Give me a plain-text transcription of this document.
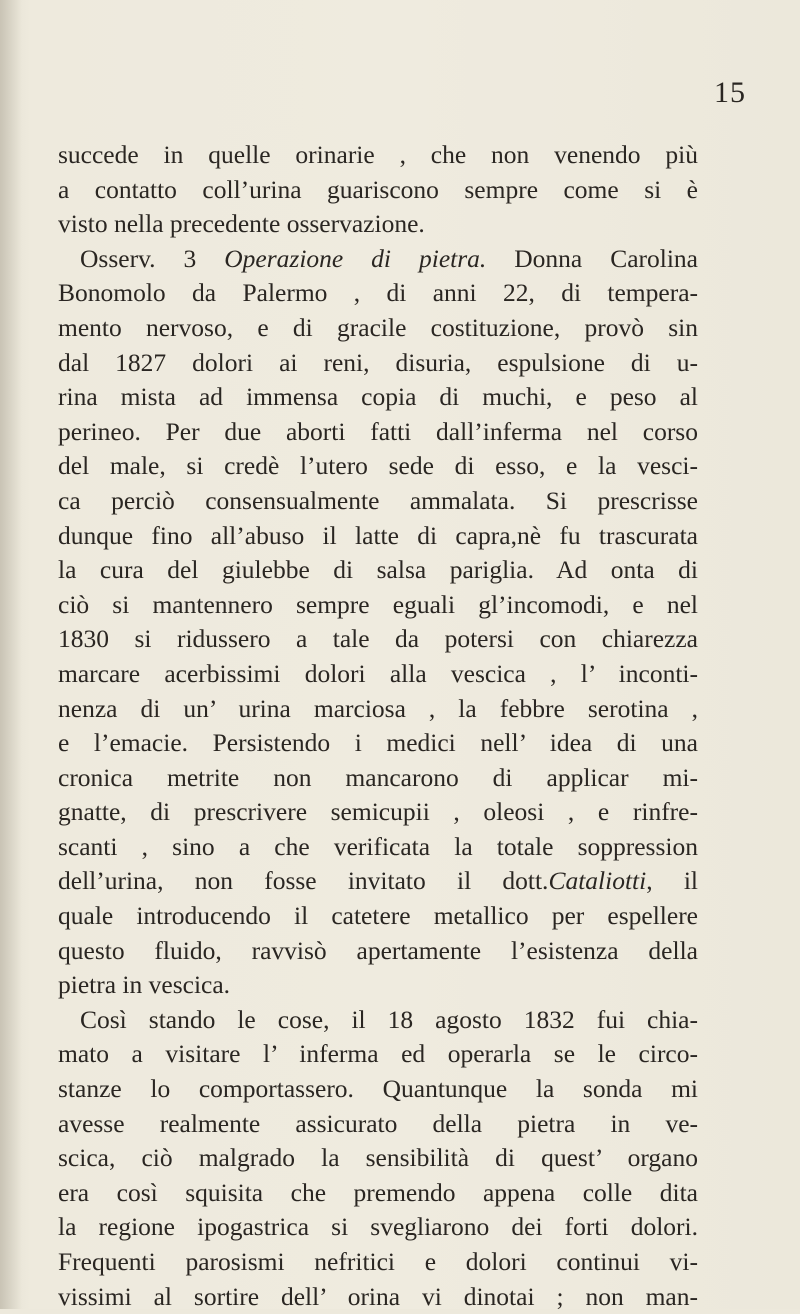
15
succede in quelle orinarie , che non venendo più
a contatto coll’urina guariscono sempre come si è
visto nella precedente osservazione.
Osserv. 3 Operazione di pietra. Donna Carolina
Bonomolo da Palermo , di anni 22, di tempera-
mento nervoso, e di gracile costituzione, provò sin
dal 1827 dolori ai reni, disuria, espulsione di u-
rina mista ad immensa copia di muchi, e peso al
perineo. Per due aborti fatti dall’inferma nel corso
del male, si credè l’utero sede di esso, e la vesci-
ca perciò consensualmente ammalata. Si prescrisse
dunque fino all’abuso il latte di capra,nè fu trascurata
la cura del giulebbe di salsa pariglia. Ad onta di
ciò si mantennero sempre eguali gl’incomodi, e nel
1830 si ridussero a tale da potersi con chiarezza
marcare acerbissimi dolori alla vescica , l’ inconti-
nenza di un’ urina marciosa , la febbre serotina ,
e l’emacie. Persistendo i medici nell’ idea di una
cronica metrite non mancarono di applicar mi-
gnatte, di prescrivere semicupii , oleosi , e rinfre-
scanti , sino a che verificata la totale soppression
dell’urina, non fosse invitato il dott.Cataliotti, il
quale introducendo il catetere metallico per espellere
questo fluido, ravvisò apertamente l’esistenza della
pietra in vescica.
Così stando le cose, il 18 agosto 1832 fui chia-
mato a visitare l’ inferma ed operarla se le circo-
stanze lo comportassero. Quantunque la sonda mi
avesse realmente assicurato della pietra in ve-
scica, ciò malgrado la sensibilità di quest’ organo
era così squisita che premendo appena colle dita
la regione ipogastrica si svegliarono dei forti dolori.
Frequenti parosismi nefritici e dolori continui vi-
vissimi al sortire dell’ orina vi dinotai ; non man-
